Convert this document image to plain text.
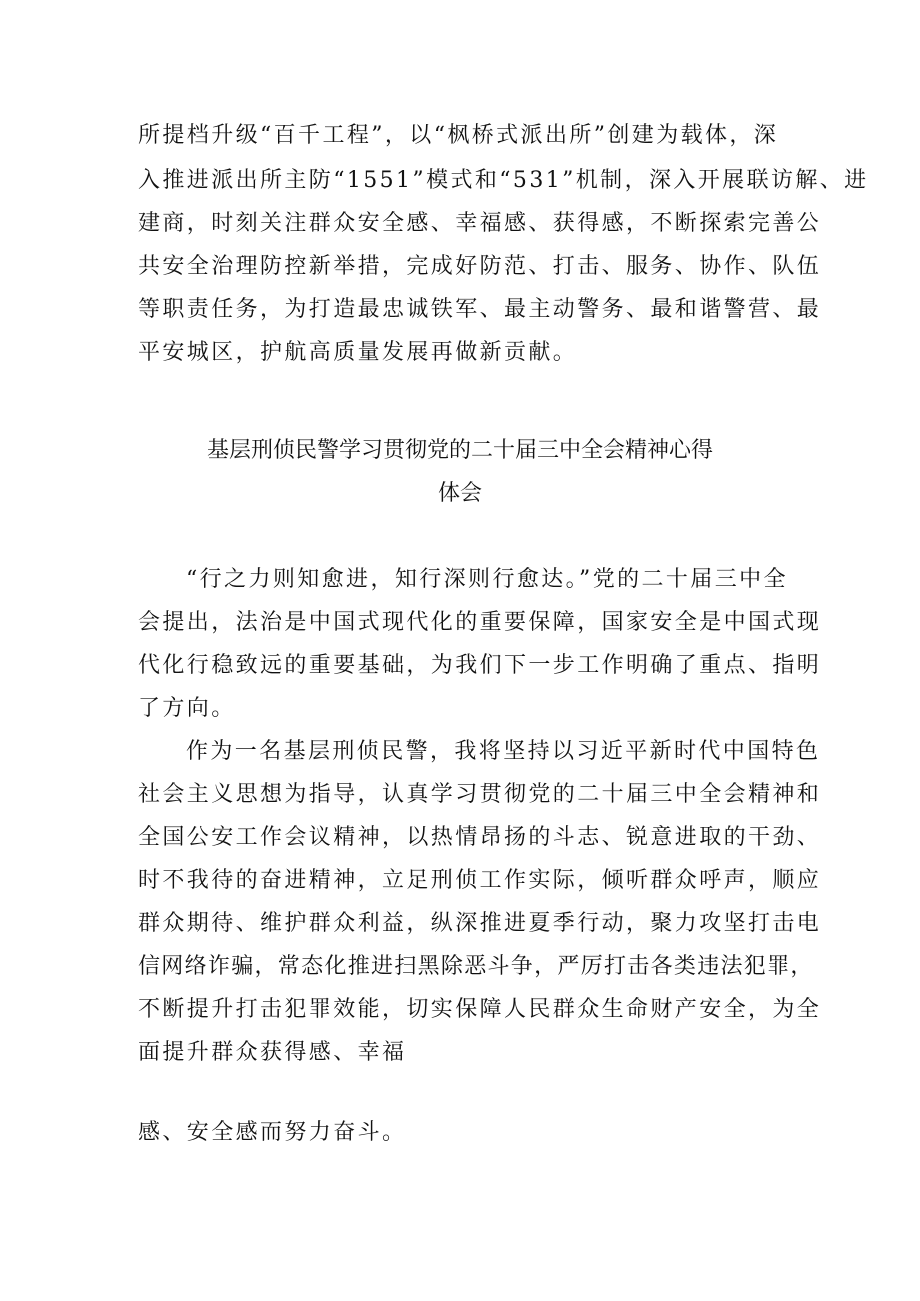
所提档升级“百千工程”，以“枫桥式派出所”创建为载体，深
入推进派出所主防“1551”模式和“531”机制，深入开展联访解、进
建商，时刻关注群众安全感、幸福感、获得感，不断探索完善公
共安全治理防控新举措，完成好防范、打击、服务、协作、队伍
等职责任务，为打造最忠诚铁军、最主动警务、最和谐警营、最
平安城区，护航高质量发展再做新贡献。
基层刑侦民警学习贯彻党的二十届三中全会精神心得
体会
“行之力则知愈进，知行深则行愈达。”党的二十届三中全
会提出，法治是中国式现代化的重要保障，国家安全是中国式现
代化行稳致远的重要基础，为我们下一步工作明确了重点、指明
了方向。
作为一名基层刑侦民警，我将坚持以习近平新时代中国特色
社会主义思想为指导，认真学习贯彻党的二十届三中全会精神和
全国公安工作会议精神，以热情昂扬的斗志、锐意进取的干劲、
时不我待的奋进精神，立足刑侦工作实际，倾听群众呼声，顺应
群众期待、维护群众利益，纵深推进夏季行动，聚力攻坚打击电
信网络诈骗，常态化推进扫黑除恶斗争，严厉打击各类违法犯罪，
不断提升打击犯罪效能，切实保障人民群众生命财产安全，为全
面提升群众获得感、幸福
感、安全感而努力奋斗。
